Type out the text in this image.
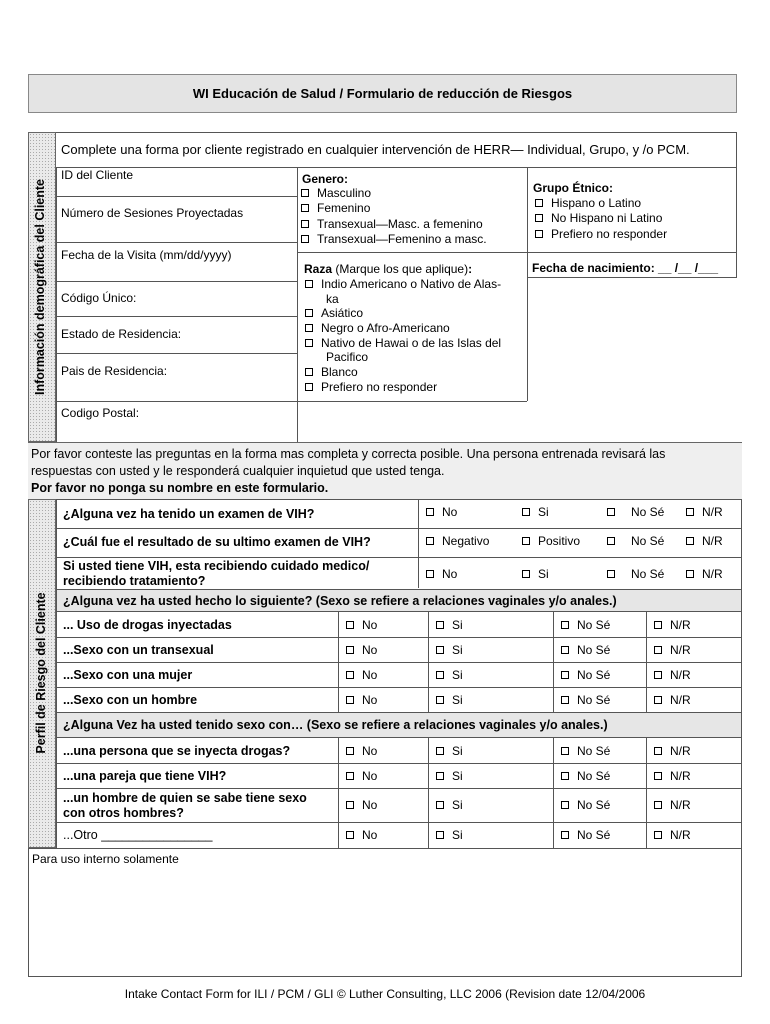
WI Educación de Salud / Formulario de reducción de Riesgos
Información demográfica del Cliente
Complete una forma por cliente registrado en cualquier intervención de HERR— Individual, Grupo, y /o PCM.
ID del Cliente
Número de Sesiones Proyectadas
Fecha de la Visita (mm/dd/yyyy)
Código Único:
Estado de Residencia:
Pais de Residencia:
Codigo Postal:
Genero:
Masculino
Femenino
Transexual—Masc. a femenino
Transexual—Femenino a masc.
Raza (Marque los que aplique):
Indio Americano o Nativo de Alas-
ka
Asiático
Negro o Afro-Americano
Nativo de Hawai o de las Islas del
Pacifico
Blanco
Prefiero no responder
Grupo Étnico:
Hispano o Latino
No Hispano ni Latino
Prefiero no responder
Fecha de nacimiento: __ /__ /___
Por favor conteste las preguntas en la forma mas completa y correcta posible. Una persona entrenada revisará las
respuestas con usted y le responderá cualquier inquietud que usted tenga.
Por favor no ponga su nombre en este formulario.
Perfil de Riesgo del Cliente
¿Alguna vez ha tenido un examen de VIH?	No	Si	No Sé	N/R
¿Cuál fue el resultado de su ultimo examen de VIH?	Negativo	Positivo	No Sé	N/R
Si usted tiene VIH, esta recibiendo cuidado medico/
recibiendo tratamiento?	No	Si	No Sé	N/R
¿Alguna vez ha usted hecho lo siguiente? (Sexo se refiere a relaciones vaginales y/o anales.)
... Uso de drogas inyectadas	No	Si	No Sé	N/R
...Sexo con un transexual	No	Si	No Sé	N/R
...Sexo con una mujer	No	Si	No Sé	N/R
...Sexo con un hombre	No	Si	No Sé	N/R
¿Alguna Vez ha usted tenido sexo con… (Sexo se refiere a relaciones vaginales y/o anales.)
...una persona que se inyecta drogas?	No	Si	No Sé	N/R
...una pareja que tiene VIH?	No	Si	No Sé	N/R
...un hombre de quien se sabe tiene sexo
con otros hombres?
No	Si	No Sé	N/R
...Otro ________________	No	Si	No Sé	N/R
Para uso interno solamente
Intake Contact Form for ILI / PCM / GLI © Luther Consulting, LLC 2006 (Revision date 12/04/2006
